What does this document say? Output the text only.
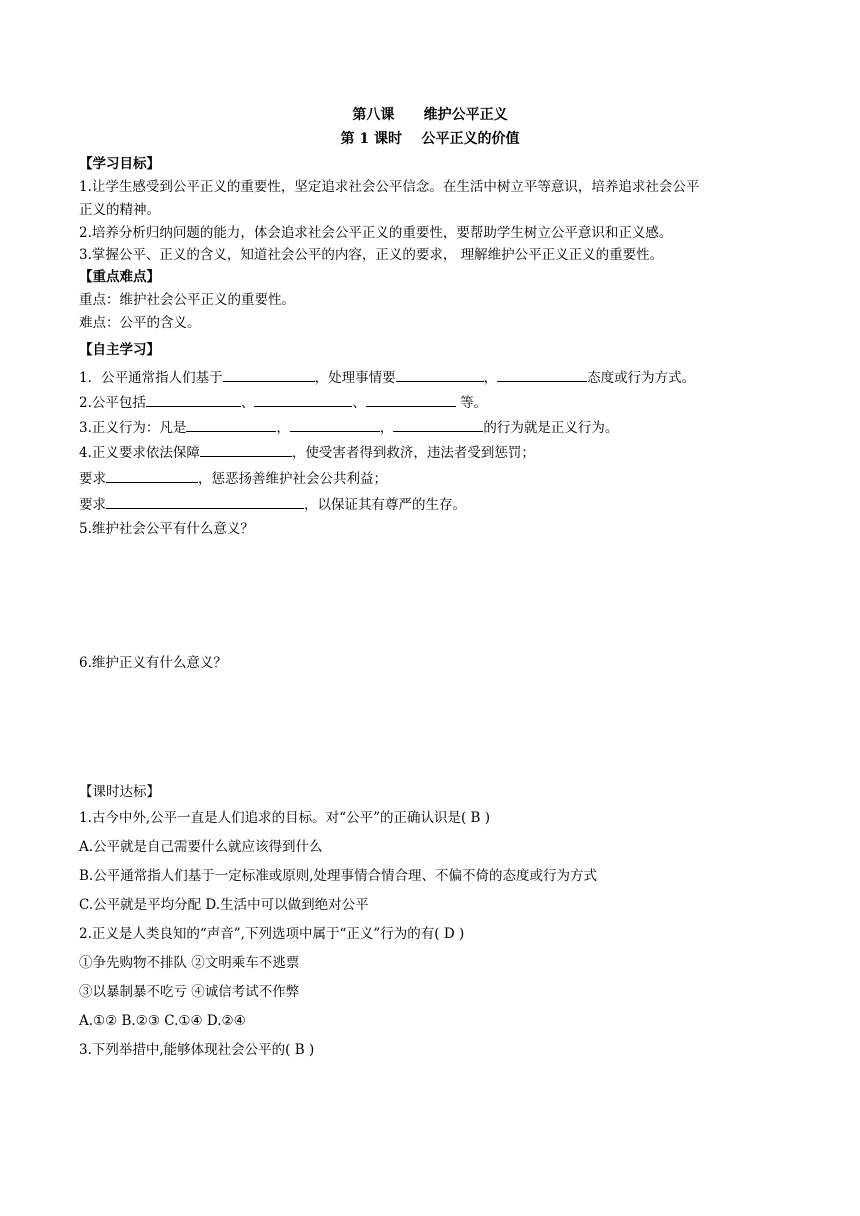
第八课      维护公平正义
第 1 课时    公平正义的价值
【学习目标】
1.让学生感受到公平正义的重要性，坚定追求社会公平信念。在生活中树立平等意识，培养追求社会公平
正义的精神。
2.培养分析归纳问题的能力，体会追求社会公平正义的重要性，要帮助学生树立公平意识和正义感。
3.掌握公平、正义的含义，知道社会公平的内容，正义的要求， 理解维护公平正义正义的重要性。
【重点难点】
重点：维护社会公平正义的重要性。
难点：公平的含义。
【自主学习】
1．公平通常指人们基于	，处理事情要	，	态度或行为方式。
2.公平包括	、	、	等。
3.正义行为：凡是	，	，	的行为就是正义行为。
4.正义要求依法保障	，使受害者得到救济，违法者受到惩罚；
要求	，惩恶扬善维护社会公共利益；
要求	，以保证其有尊严的生存。
5.维护社会公平有什么意义？
6.维护正义有什么意义？
【课时达标】
1.古今中外,公平一直是人们追求的目标。对“公平”的正确认识是( B )
A.公平就是自己需要什么就应该得到什么
B.公平通常指人们基于一定标准或原则,处理事情合情合理、不偏不倚的态度或行为方式
C.公平就是平均分配 D.生活中可以做到绝对公平
2.正义是人类良知的“声音”,下列选项中属于“正义”行为的有( D )
①争先购物不排队 ②文明乘车不逃票
③以暴制暴不吃亏 ④诚信考试不作弊
A.①② B.②③ C.①④ D.②④
3.下列举措中,能够体现社会公平的( B )
